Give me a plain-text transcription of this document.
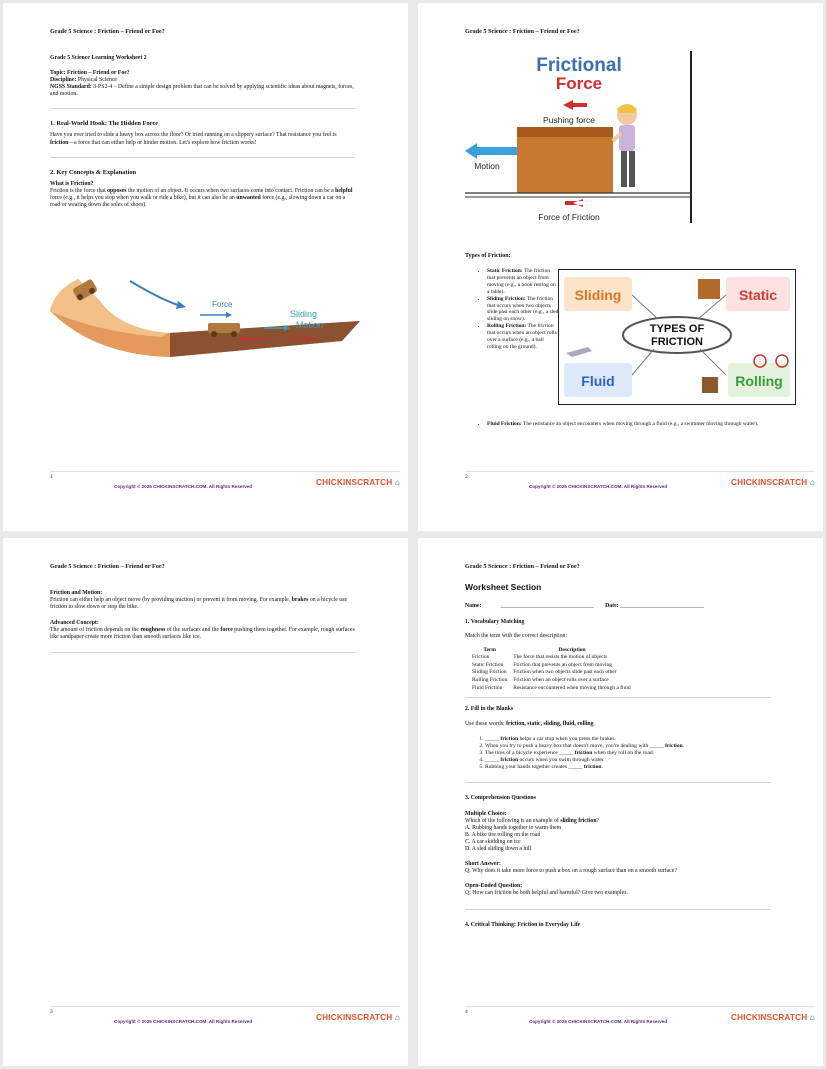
Grade 5 Science : Friction – Friend or Foe?
Grade 5 Science Learning Worksheet 2
Topic: Friction – Friend or Foe?
Discipline: Physical Science
NGSS Standard: 3-PS2-4 – Define a simple design problem that can be solved by applying scientific ideas about magnets, forces, and motion.
1. Real-World Hook: The Hidden Force
Have you ever tried to slide a heavy box across the floor? Or tried running on a slippery surface? That resistance you feel is friction—a force that can either help or hinder motion. Let's explore how friction works!
2. Key Concepts & Explanation
What is Friction?
Friction is the force that opposes the motion of an object. It occurs when two surfaces come into contact. Friction can be a helpful force (e.g., it helps you stop when you walk or ride a bike), but it can also be an unwanted force (e.g., slowing down a car on a road or wearing down the soles of shoes).
Force
Sliding
Motion
Friction
1
Copyright © 2025 CHICKINSCRATCH.COM. All Rights Reserved	CHICKINSCRATCH ⌂
Grade 5 Science : Friction – Friend or Foe?
Frictional
Force
Pushing force
Motion
Force of Friction
Types of Friction:
• Static Friction: The friction that prevents an object from moving (e.g., a book resting on a table).
• Sliding Friction: The friction that occurs when two objects slide past each other (e.g., a sled sliding on snow).
• Rolling Friction: The friction that occurs when an object rolls over a surface (e.g., a ball rolling on the ground).
• Fluid Friction: The resistance an object encounters when moving through a fluid (e.g., a swimmer moving through water).
Sliding	Static
TYPES OF
FRICTION
Fluid	Rolling
2
Copyright © 2025 CHICKINSCRATCH.COM. All Rights Reserved	CHICKINSCRATCH ⌂
Grade 5 Science : Friction – Friend or Foe?
Friction and Motion:
Friction can either help an object move (by providing traction) or prevent it from moving. For example, brakes on a bicycle use friction to slow down or stop the bike.
Advanced Concept:
The amount of friction depends on the roughness of the surfaces and the force pushing them together. For example, rough surfaces like sandpaper create more friction than smooth surfaces like ice.
3
Copyright © 2025 CHICKINSCRATCH.COM. All Rights Reserved	CHICKINSCRATCH ⌂
Grade 5 Science : Friction – Friend or Foe?
Worksheet Section
Name:	________________________________ Date: _____________________________
1. Vocabulary Matching
Match the term with the correct description:
Term	Description
Friction	The force that resists the motion of objects
Static Friction	Friction that prevents an object from moving
Sliding Friction	Friction when two objects slide past each other
Rolling Friction	Friction when an object rolls over a surface
Fluid Friction	Resistance encountered when moving through a fluid
2. Fill in the Blanks
Use these words: friction, static, sliding, fluid, rolling
1. _____ friction helps a car stop when you press the brakes.
2. When you try to push a heavy box that doesn't move, you're dealing with _____ friction.
3. The tires of a bicycle experience _____ friction when they roll on the road.
4. _____ friction occurs when you swim through water.
5. Rubbing your hands together creates _____ friction.
3. Comprehension Questions
Multiple Choice:
Which of the following is an example of sliding friction?
A. Rubbing hands together to warm them
B. A bike tire rolling on the road
C. A car skidding on ice
D. A sled sliding down a hill
Short Answer:
Q: Why does it take more force to push a box on a rough surface than on a smooth surface?
Open-Ended Question:
Q: How can friction be both helpful and harmful? Give two examples.
4. Critical Thinking: Friction in Everyday Life
4
Copyright © 2025 CHICKINSCRATCH.COM. All Rights Reserved	CHICKINSCRATCH ⌂
